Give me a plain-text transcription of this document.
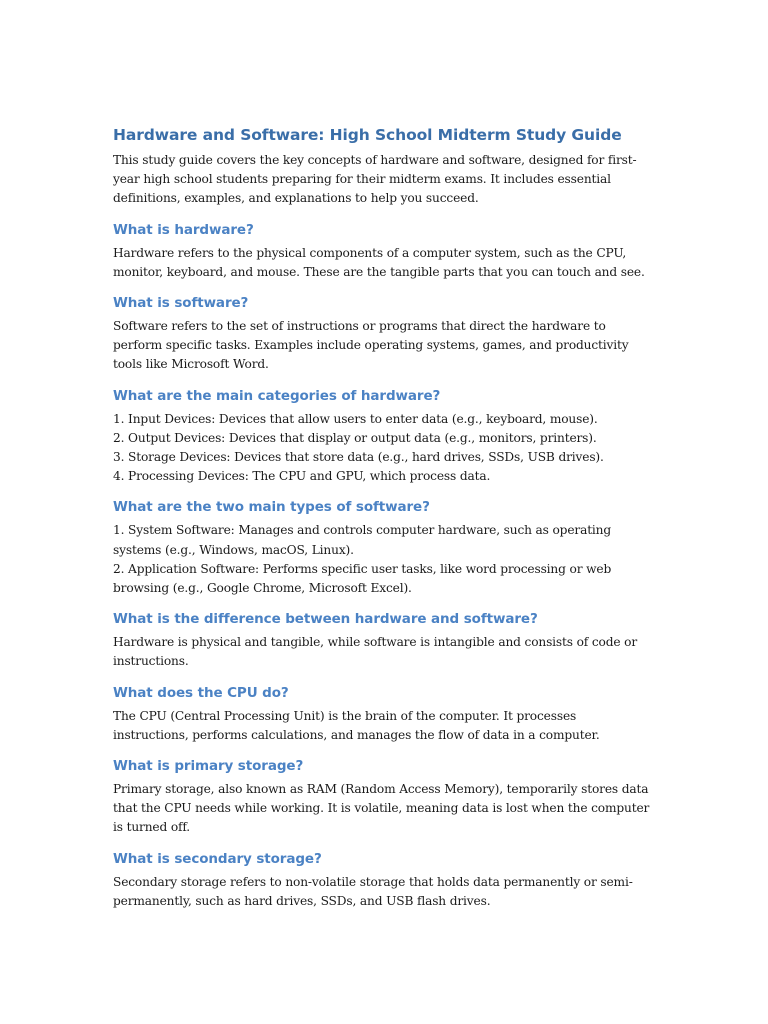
Hardware and Software: High School Midterm Study Guide

This study guide covers the key concepts of hardware and software, designed for first-year high school students preparing for their midterm exams. It includes essential definitions, examples, and explanations to help you succeed.

What is hardware?

Hardware refers to the physical components of a computer system, such as the CPU, monitor, keyboard, and mouse. These are the tangible parts that you can touch and see.

What is software?

Software refers to the set of instructions or programs that direct the hardware to perform specific tasks. Examples include operating systems, games, and productivity tools like Microsoft Word.

What are the main categories of hardware?

1. Input Devices: Devices that allow users to enter data (e.g., keyboard, mouse).
2. Output Devices: Devices that display or output data (e.g., monitors, printers).
3. Storage Devices: Devices that store data (e.g., hard drives, SSDs, USB drives).
4. Processing Devices: The CPU and GPU, which process data.

What are the two main types of software?

1. System Software: Manages and controls computer hardware, such as operating systems (e.g., Windows, macOS, Linux).
2. Application Software: Performs specific user tasks, like word processing or web browsing (e.g., Google Chrome, Microsoft Excel).

What is the difference between hardware and software?

Hardware is physical and tangible, while software is intangible and consists of code or instructions.

What does the CPU do?

The CPU (Central Processing Unit) is the brain of the computer. It processes instructions, performs calculations, and manages the flow of data in a computer.

What is primary storage?

Primary storage, also known as RAM (Random Access Memory), temporarily stores data that the CPU needs while working. It is volatile, meaning data is lost when the computer is turned off.

What is secondary storage?

Secondary storage refers to non-volatile storage that holds data permanently or semi-permanently, such as hard drives, SSDs, and USB flash drives.
